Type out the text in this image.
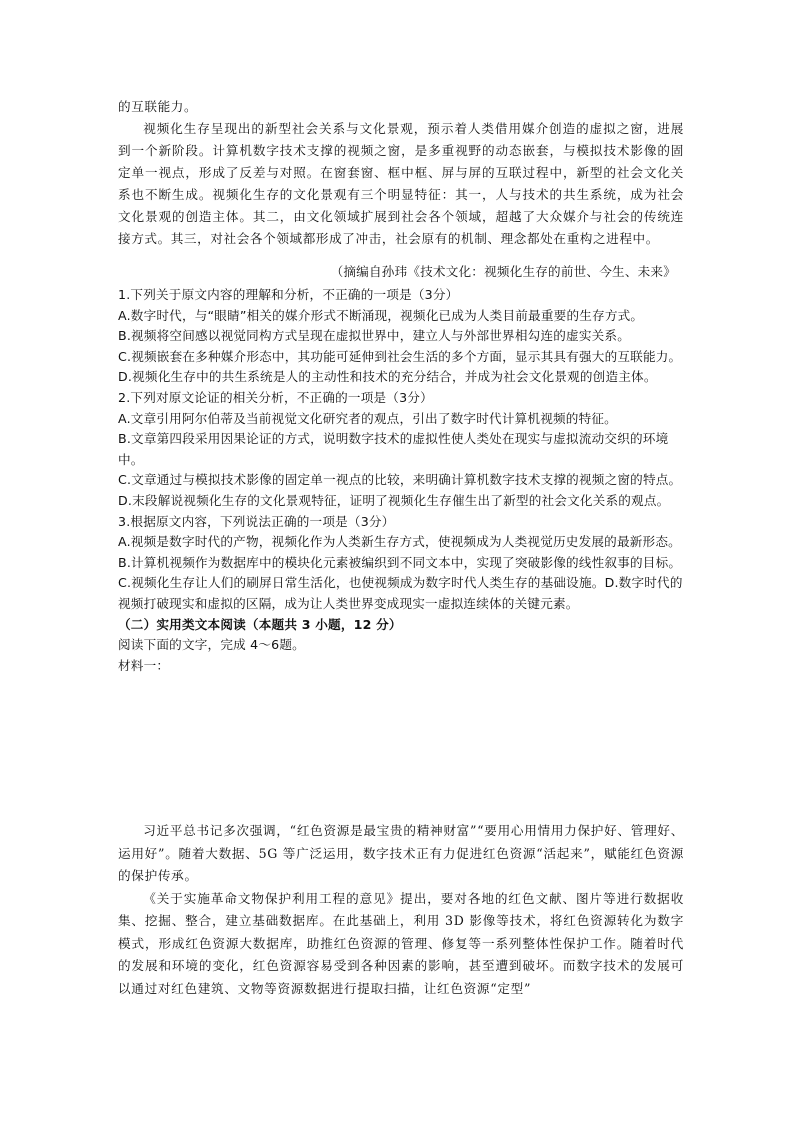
的互联能力。

视频化生存呈现出的新型社会关系与文化景观，预示着人类借用媒介创造的虚拟之窗，进展到一个新阶段。计算机数字技术支撑的视频之窗，是多重视野的动态嵌套，与模拟技术影像的固定单一视点，形成了反差与对照。在窗套窗、框中框、屏与屏的互联过程中，新型的社会文化关系也不断生成。视频化生存的文化景观有三个明显特征：其一，人与技术的共生系统，成为社会文化景观的创造主体。其二，由文化领域扩展到社会各个领域，超越了大众媒介与社会的传统连接方式。其三，对社会各个领域都形成了冲击，社会原有的机制、理念都处在重构之进程中。

（摘编自孙玮《技术文化：视频化生存的前世、今生、未来》

1.下列关于原文内容的理解和分析，不正确的一项是（3分）

A.数字时代，与“眼睛”相关的媒介形式不断涌现，视频化已成为人类目前最重要的生存方式。

B.视频将空间感以视觉同构方式呈现在虚拟世界中，建立人与外部世界相勾连的虚实关系。

C.视频嵌套在多种媒介形态中，其功能可延伸到社会生活的多个方面，显示其具有强大的互联能力。

D.视频化生存中的共生系统是人的主动性和技术的充分结合，并成为社会文化景观的创造主体。

2.下列对原文论证的相关分析，不正确的一项是（3分）

A.文章引用阿尔伯蒂及当前视觉文化研究者的观点，引出了数字时代计算机视频的特征。

B.文章第四段采用因果论证的方式，说明数字技术的虚拟性使人类处在现实与虚拟流动交织的环境中。

C.文章通过与模拟技术影像的固定单一视点的比较，来明确计算机数字技术支撑的视频之窗的特点。

D.末段解说视频化生存的文化景观特征，证明了视频化生存催生出了新型的社会文化关系的观点。

3.根据原文内容，下列说法正确的一项是（3分）

A.视频是数字时代的产物，视频化作为人类新生存方式，使视频成为人类视觉历史发展的最新形态。

B.计算机视频作为数据库中的模块化元素被编织到不同文本中，实现了突破影像的线性叙事的目标。

C.视频化生存让人们的刷屏日常生活化，也使视频成为数字时代人类生存的基础设施。D.数字时代的视频打破现实和虚拟的区隔，成为让人类世界变成现实一虚拟连续体的关键元素。

（二）实用类文本阅读（本题共 3 小题，12 分）

阅读下面的文字，完成 4～6题。

材料一：

习近平总书记多次强调，“红色资源是最宝贵的精神财富”“要用心用情用力保护好、管理好、运用好”。随着大数据、5G 等广泛运用，数字技术正有力促进红色资源“活起来”，赋能红色资源的保护传承。

《关于实施革命文物保护利用工程的意见》提出，要对各地的红色文献、图片等进行数据收集、挖掘、整合，建立基础数据库。在此基础上，利用 3D 影像等技术，将红色资源转化为数字模式，形成红色资源大数据库，助推红色资源的管理、修复等一系列整体性保护工作。随着时代的发展和环境的变化，红色资源容易受到各种因素的影响，甚至遭到破坏。而数字技术的发展可以通过对红色建筑、文物等资源数据进行提取扫描，让红色资源“定型”
